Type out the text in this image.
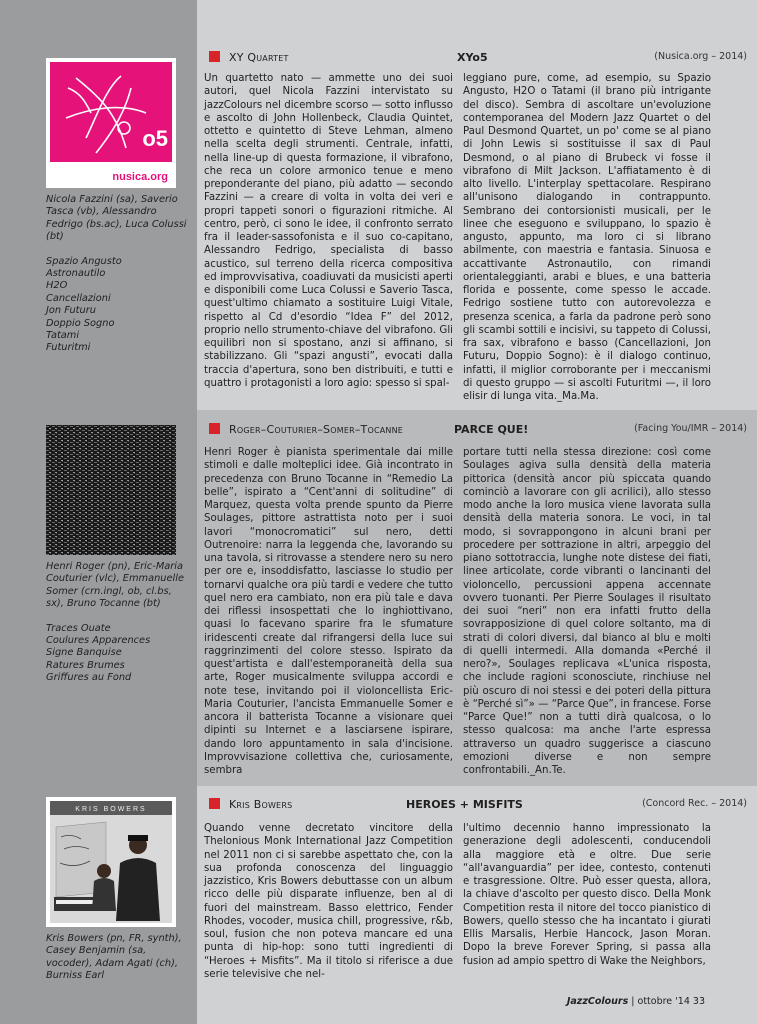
o5
nusica.org
Nicola Fazzini (sa), Saverio Tasca (vb), Alessandro Fedrigo (bs.ac), Luca Colussi (bt)
Spazio Angusto
Astronautilo
H2O
Cancellazioni
Jon Futuru
Doppio Sogno
Tatami
Futuritmi
XY Quartet	XYo5	(Nusica.org – 2014)

Un quartetto nato — ammette uno dei suoi autori, quel Nicola Fazzini intervistato su jazzColours nel dicembre scorso — sotto influsso e ascolto di John Hollenbeck, Claudia Quintet, ottetto e quintetto di Steve Lehman, almeno nella scelta degli strumenti. Centrale, infatti, nella line-up di questa formazione, il vibrafono, che reca un colore armonico tenue e meno preponderante del piano, più adatto — secondo Fazzini — a creare di volta in volta dei veri e propri tappeti sonori o figurazioni ritmiche. Al centro, però, ci sono le idee, il confronto serrato fra il leader-sassofonista e il suo co-capitano, Alessandro Fedrigo, specialista di basso acustico, sul terreno della ricerca compositiva ed improvvisativa, coadiuvati da musicisti aperti e disponibili come Luca Colussi e Saverio Tasca, quest'ultimo chiamato a sostituire Luigi Vitale, rispetto al Cd d'esordio “Idea F” del 2012, proprio nello strumento-chiave del vibrafono. Gli equilibri non si spostano, anzi si affinano, si stabilizzano. Gli “spazi angusti”, evocati dalla traccia d'apertura, sono ben distribuiti, e tutti e quattro i protagonisti a loro agio: spesso si spal-

leggiano pure, come, ad esempio, su Spazio Angusto, H2O o Tatami (il brano più intrigante del disco). Sembra di ascoltare un'evoluzione contemporanea del Modern Jazz Quartet o del Paul Desmond Quartet, un po' come se al piano di John Lewis si sostituisse il sax di Paul Desmond, o al piano di Brubeck vi fosse il vibrafono di Milt Jackson. L'affiatamento è di alto livello. L'interplay spettacolare. Respirano all'unisono dialogando in contrappunto. Sembrano dei contorsionisti musicali, per le linee che eseguono e sviluppano, lo spazio è angusto, appunto, ma loro ci si librano abilmente, con maestria e fantasia. Sinuosa e accattivante Astronautilo, con rimandi orientaleggianti, arabi e blues, e una batteria florida e possente, come spesso le accade. Fedrigo sostiene tutto con autorevolezza e presenza scenica, a farla da padrone però sono gli scambi sottili e incisivi, su tappeto di Colussi, fra sax, vibrafono e basso (Cancellazioni, Jon Futuru, Doppio Sogno): è il dialogo continuo, infatti, il miglior corroborante per i meccanismi di questo gruppo — si ascolti Futuritmi —, il loro elisir di lunga vita._Ma.Ma.

Henri Roger (pn), Eric-Maria Couturier (vlc), Emmanuelle Somer (crn.ingl, ob, cl.bs, sx), Bruno Tocanne (bt)
Traces Ouate
Coulures Apparences
Signe Banquise
Ratures Brumes
Griffures au Fond
Roger–Couturier–Somer–Tocanne	PARCE QUE!	(Facing You/IMR – 2014)

Henri Roger è pianista sperimentale dai mille stimoli e dalle molteplici idee. Già incontrato in precedenza con Bruno Tocanne in “Remedio La belle”, ispirato a “Cent'anni di solitudine” di Marquez, questa volta prende spunto da Pierre Soulages, pittore astrattista noto per i suoi lavori “monocromatici” sul nero, detti Outrenoire: narra la leggenda che, lavorando su una tavola, si ritrovasse a stendere nero su nero per ore e, insoddisfatto, lasciasse lo studio per tornarvi qualche ora più tardi e vedere che tutto quel nero era cambiato, non era più tale e dava dei riflessi insospettati che lo inghiottivano, quasi lo facevano sparire fra le sfumature iridescenti create dal rifrangersi della luce sui raggrinzimenti del colore stesso. Ispirato da quest'artista e dall'estemporaneità della sua arte, Roger musicalmente sviluppa accordi e note tese, invitando poi il violoncellista Eric-Maria Couturier, l'ancista Emmanuelle Somer e ancora il batterista Tocanne a visionare quei dipinti su Internet e a lasciarsene ispirare, dando loro appuntamento in sala d'incisione. Improvvisazione collettiva che, curiosamente, sembra

portare tutti nella stessa direzione: così come Soulages agiva sulla densità della materia pittorica (densità ancor più spiccata quando cominciò a lavorare con gli acrilici), allo stesso modo anche la loro musica viene lavorata sulla densità della materia sonora. Le voci, in tal modo, si sovrappongono in alcuni brani per procedere per sottrazione in altri, arpeggio del piano sottotraccia, lunghe note distese dei fiati, linee articolate, corde vibranti o lancinanti del violoncello, percussioni appena accennate ovvero tuonanti. Per Pierre Soulages il risultato dei suoi “neri” non era infatti frutto della sovrapposizione di quel colore soltanto, ma di strati di colori diversi, dal bianco al blu e molti di quelli intermedi. Alla domanda «Perché il nero?», Soulages replicava «L'unica risposta, che include ragioni sconosciute, rinchiuse nel più oscuro di noi stessi e dei poteri della pittura è “Perché sì”» — “Parce Que”, in francese. Forse “Parce Que!” non a tutti dirà qualcosa, o lo stesso qualcosa: ma anche l'arte espressa attraverso un quadro suggerisce a ciascuno emozioni diverse e non sempre confrontabili._An.Te.

KRIS BOWERS
Kris Bowers (pn, FR, synth), Casey Benjamin (sa, vocoder), Adam Agati (ch), Burniss Earl
Kris Bowers	HEROES + MISFITS	(Concord Rec. – 2014)

Quando venne decretato vincitore della Thelonious Monk International Jazz Competition nel 2011 non ci si sarebbe aspettato che, con la sua profonda conoscenza del linguaggio jazzistico, Kris Bowers debuttasse con un album ricco delle più disparate influenze, ben al di fuori del mainstream. Basso elettrico, Fender Rhodes, vocoder, musica chill, progressive, r&b, soul, fusion che non poteva mancare ed una punta di hip-hop: sono tutti ingredienti di “Heroes + Misfits”. Ma il titolo si riferisce a due serie televisive che nel-

l'ultimo decennio hanno impressionato la generazione degli adolescenti, conducendoli alla maggiore età e oltre. Due serie “all'avanguardia” per idee, contesto, contenuti e trasgressione. Oltre. Può esser questa, allora, la chiave d'ascolto per questo disco. Della Monk Competition resta il nitore del tocco pianistico di Bowers, quello stesso che ha incantato i giurati Ellis Marsalis, Herbie Hancock, Jason Moran. Dopo la breve Forever Spring, si passa alla fusion ad ampio spettro di Wake the Neighbors,

JazzColours | ottobre '14 33
